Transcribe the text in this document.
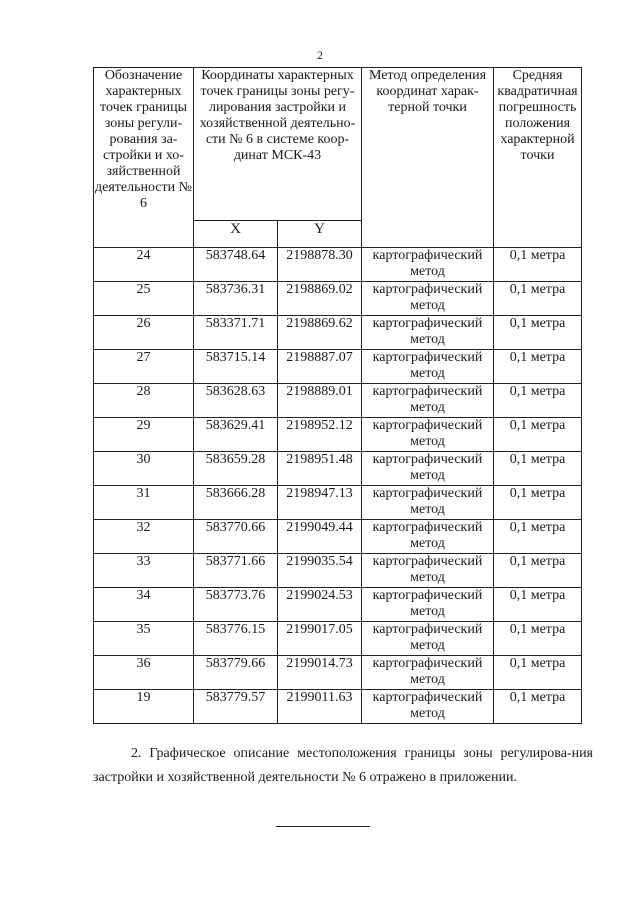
2
Обозначение характерных точек границы зоны регули-рования за-стройки и хо-зяйственной деятельности № 6	Координаты характерных точек границы зоны регу-лирования застройки и хозяйственной деятельно-сти № 6 в системе коор-динат МСК-43		Метод определения координат харак-терной точки	Средняя квадратичная погрешность положения характерной точки
	X	Y		
24	583748.64	2198878.30	картографический метод	0,1 метра
25	583736.31	2198869.02	картографический метод	0,1 метра
26	583371.71	2198869.62	картографический метод	0,1 метра
27	583715.14	2198887.07	картографический метод	0,1 метра
28	583628.63	2198889.01	картографический метод	0,1 метра
29	583629.41	2198952.12	картографический метод	0,1 метра
30	583659.28	2198951.48	картографический метод	0,1 метра
31	583666.28	2198947.13	картографический метод	0,1 метра
32	583770.66	2199049.44	картографический метод	0,1 метра
33	583771.66	2199035.54	картографический метод	0,1 метра
34	583773.76	2199024.53	картографический метод	0,1 метра
35	583776.15	2199017.05	картографический метод	0,1 метра
36	583779.66	2199014.73	картографический метод	0,1 метра
19	583779.57	2199011.63	картографический метод	0,1 метра
2. Графическое описание местоположения границы зоны регулирова-ния застройки и хозяйственной деятельности № 6 отражено в приложении.
